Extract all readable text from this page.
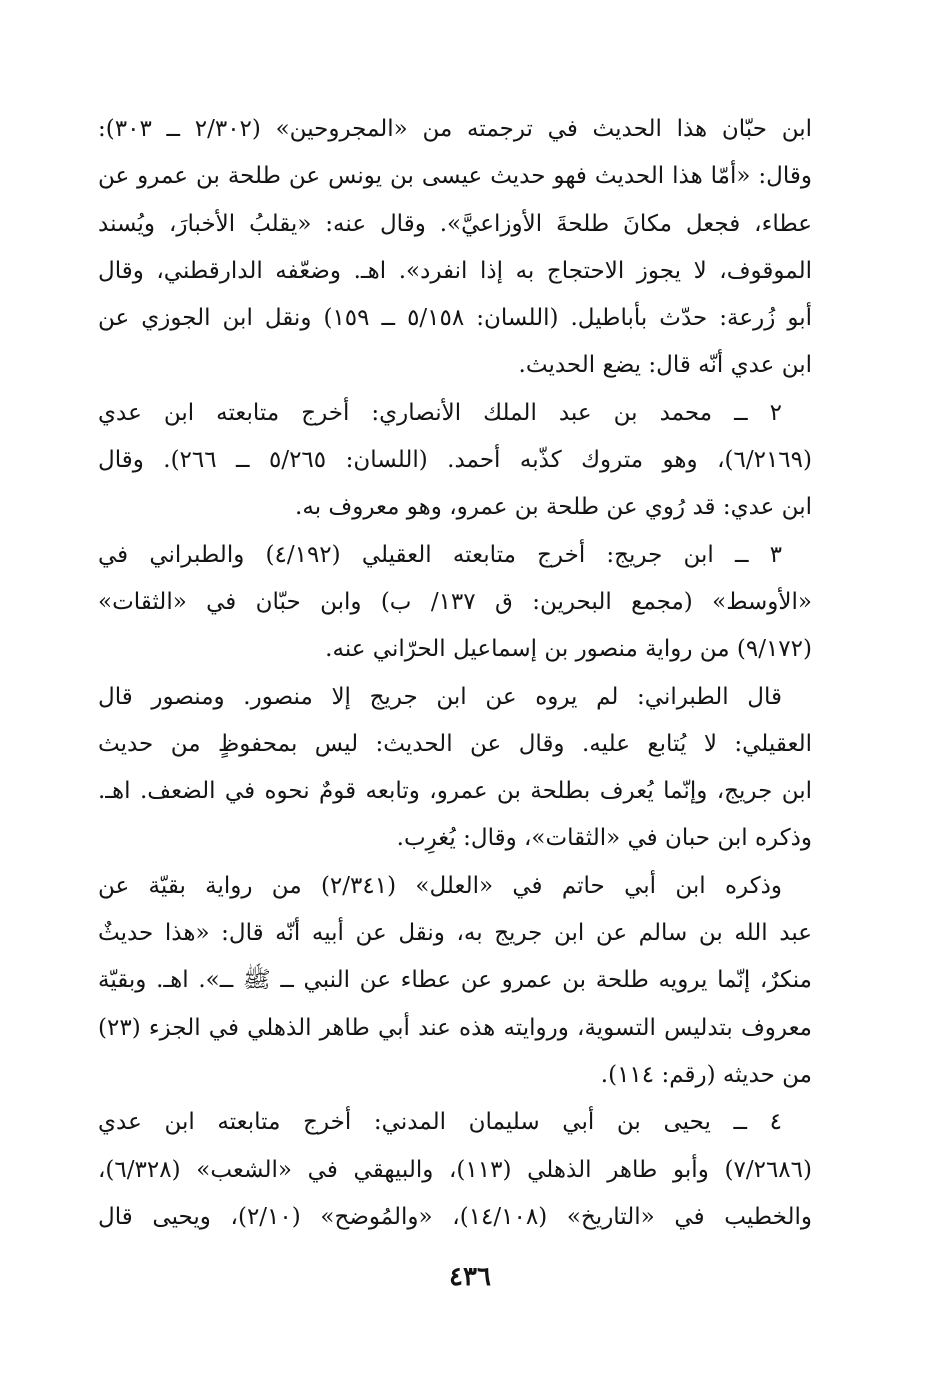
ابن حبّان هذا الحديث في ترجمته من «المجروحين» (٢/٣٠٢ ــ ٣٠٣):
وقال: «أمّا هذا الحديث فهو حديث عيسى بن يونس عن طلحة بن عمرو عن
عطاء، فجعل مكانَ طلحةَ الأوزاعيَّ». وقال عنه: «يقلبُ الأخبارَ، ويُسند
الموقوف، لا يجوز الاحتجاج به إذا انفرد». اهـ. وضعّفه الدارقطني، وقال
أبو زُرعة: حدّث بأباطيل. (اللسان: ٥/١٥٨ ــ ١٥٩) ونقل ابن الجوزي عن
ابن عدي أنّه قال: يضع الحديث.
٢ ــ محمد بن عبد الملك الأنصاري: أخرج متابعته ابن عدي
(٦/٢١٦٩)، وهو متروك كذّبه أحمد. (اللسان: ٥/٢٦٥ ــ ٢٦٦). وقال
ابن عدي: قد رُوي عن طلحة بن عمرو، وهو معروف به.
٣ ــ ابن جريج: أخرج متابعته العقيلي (٤/١٩٢) والطبراني في
«الأوسط» (مجمع البحرين: ق ١٣٧/ ب) وابن حبّان في «الثقات»
(٩/١٧٢) من رواية منصور بن إسماعيل الحرّاني عنه.
قال الطبراني: لم يروه عن ابن جريج إلا منصور. ومنصور قال
العقيلي: لا يُتابع عليه. وقال عن الحديث: ليس بمحفوظٍ من حديث
ابن جريج، وإنّما يُعرف بطلحة بن عمرو، وتابعه قومٌ نحوه في الضعف. اهـ.
وذكره ابن حبان في «الثقات»، وقال: يُغرِب.
وذكره ابن أبي حاتم في «العلل» (٢/٣٤١) من رواية بقيّة عن
عبد الله بن سالم عن ابن جريج به، ونقل عن أبيه أنّه قال: «هذا حديثٌ
منكرٌ، إنّما يرويه طلحة بن عمرو عن عطاء عن النبي ــ ﷺ ــ». اهـ. وبقيّة
معروف بتدليس التسوية، وروايته هذه عند أبي طاهر الذهلي في الجزء (٢٣)
من حديثه (رقم: ١١٤).
٤ ــ يحيى بن أبي سليمان المدني: أخرج متابعته ابن عدي
(٧/٢٦٨٦) وأبو طاهر الذهلي (١١٣)، والبيهقي في «الشعب» (٦/٣٢٨)،
والخطيب في «التاريخ» (١٤/١٠٨)، «والمُوضح» (٢/١٠)، ويحيى قال
٤٣٦
